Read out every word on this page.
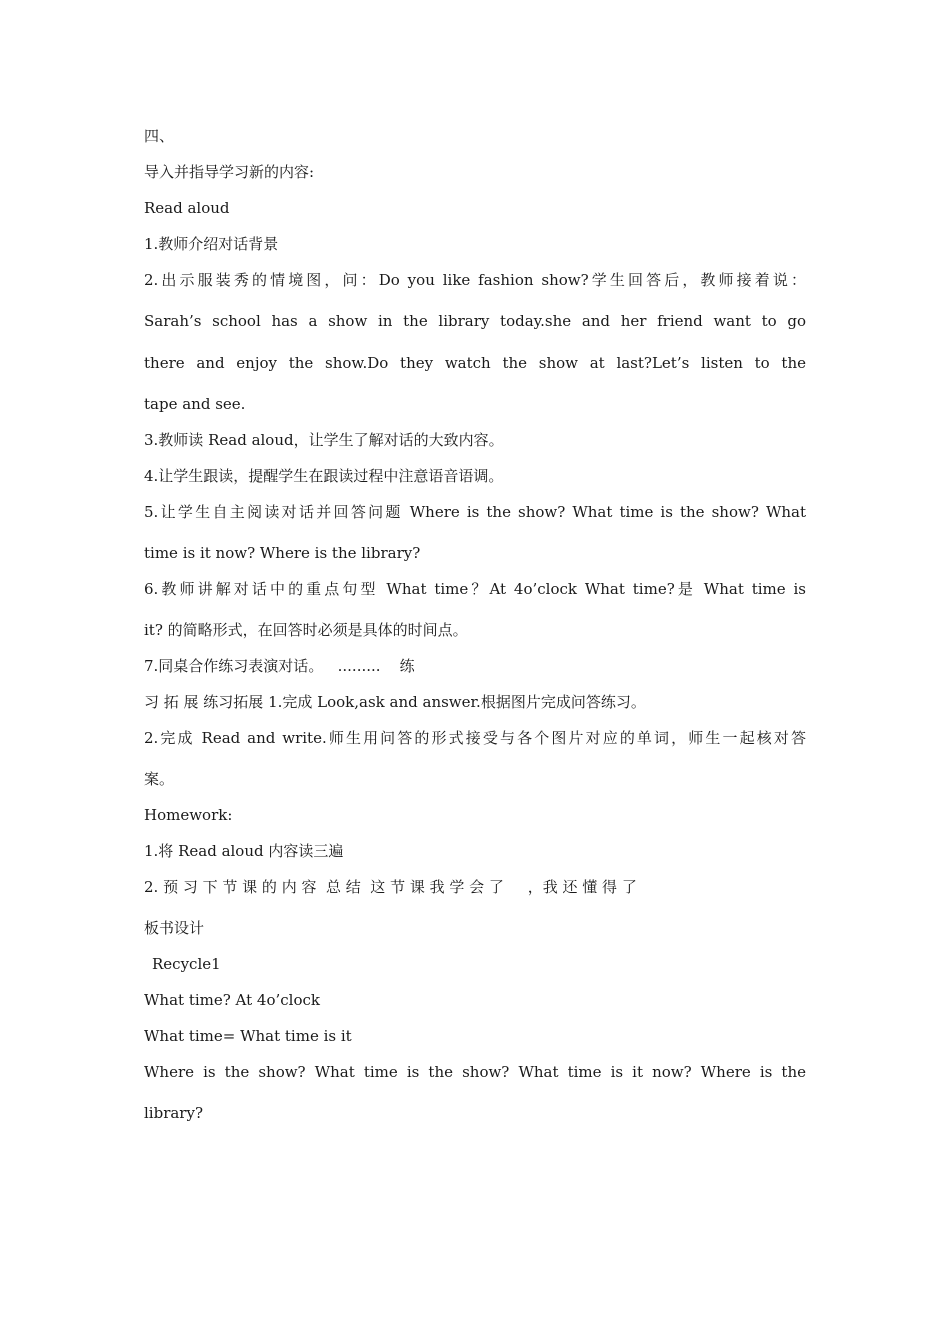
四、
导入并指导学习新的内容:
Read aloud
1.教师介绍对话背景
2.出示服装秀的情境图，问：Do you like fashion show?学生回答后，教师接着说：
Sarah’s school has a show in the library today.she and her friend want to go
there and enjoy the show.Do they watch the show at last?Let’s listen to the
tape and see.
3.教师读 Read aloud，让学生了解对话的大致内容。
4.让学生跟读，提醒学生在跟读过程中注意语音语调。
5.让学生自主阅读对话并回答问题 Where is the show? What time is the show? What
time is it now? Where is the library?
6.教师讲解对话中的重点句型 What time？At 4o’clock What time?是 What time is
it? 的简略形式，在回答时必须是具体的时间点。
7.同桌合作练习表演对话。   .........    练
习 拓 展 练习拓展 1.完成 Look,ask and answer.根据图片完成问答练习。
2.完成 Read and write.师生用问答的形式接受与各个图片对应的单词，师生一起核对答
案。
Homework:
1.将 Read aloud 内容读三遍
2. 预 习 下 节 课 的 内 容  总 结  这 节 课 我 学 会 了     ，我 还 懂 得 了
板书设计
Recycle1
What time? At 4o’clock
What time= What time is it
Where is the show? What time is the show? What time is it now? Where is the
library?
